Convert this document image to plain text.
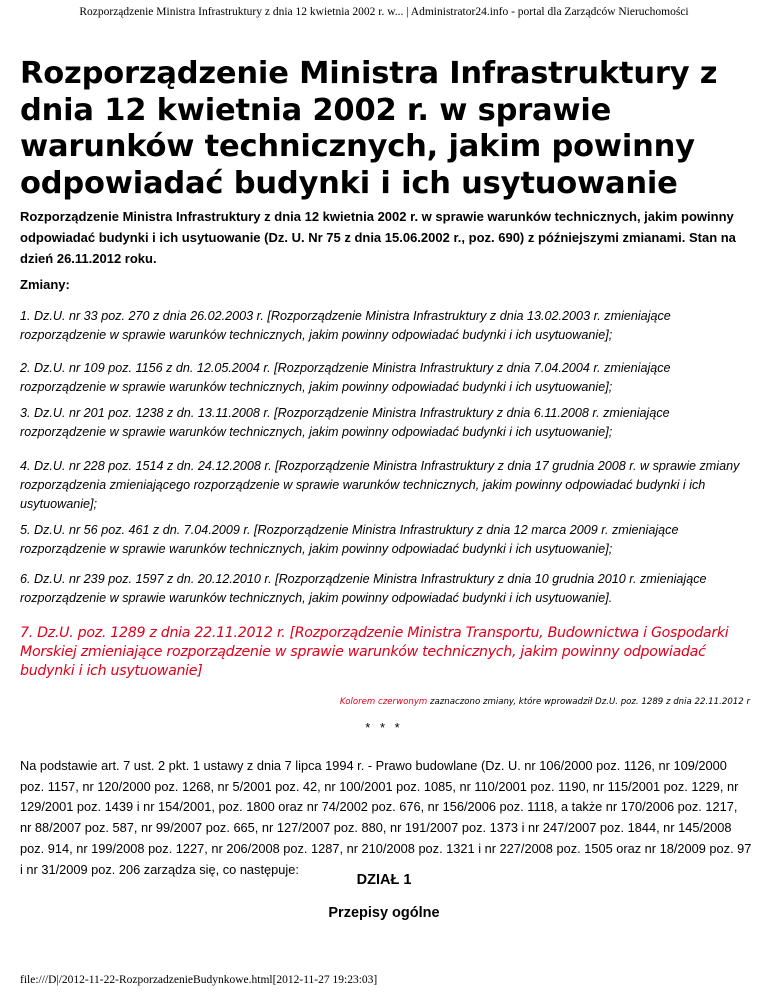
Rozporządzenie Ministra Infrastruktury z dnia 12 kwietnia 2002 r. w... | Administrator24.info - portal dla Zarządców Nieruchomości
Rozporządzenie Ministra Infrastruktury z dnia 12 kwietnia 2002 r. w sprawie warunków technicznych, jakim powinny odpowiadać budynki i ich usytuowanie

Rozporządzenie Ministra Infrastruktury z dnia 12 kwietnia 2002 r. w sprawie warunków technicznych, jakim powinny odpowiadać budynki i ich usytuowanie (Dz. U. Nr 75 z dnia 15.06.2002 r., poz. 690) z późniejszymi zmianami. Stan na dzień 26.11.2012 roku.

Zmiany:

1. Dz.U. nr 33 poz. 270 z dnia 26.02.2003 r. [Rozporządzenie Ministra Infrastruktury z dnia 13.02.2003 r. zmieniające rozporządzenie w sprawie warunków technicznych, jakim powinny odpowiadać budynki i ich usytuowanie];

2. Dz.U. nr 109 poz. 1156 z dn. 12.05.2004 r. [Rozporządzenie Ministra Infrastruktury z dnia 7.04.2004 r. zmieniające rozporządzenie w sprawie warunków technicznych, jakim powinny odpowiadać budynki i ich usytuowanie];

3. Dz.U. nr 201 poz. 1238 z dn. 13.11.2008 r. [Rozporządzenie Ministra Infrastruktury z dnia 6.11.2008 r. zmieniające rozporządzenie w sprawie warunków technicznych, jakim powinny odpowiadać budynki i ich usytuowanie];

4. Dz.U. nr 228 poz. 1514 z dn. 24.12.2008 r. [Rozporządzenie Ministra Infrastruktury z dnia 17 grudnia 2008 r. w sprawie zmiany rozporządzenia zmieniającego rozporządzenie w sprawie warunków technicznych, jakim powinny odpowiadać budynki i ich usytuowanie];

5. Dz.U. nr 56 poz. 461 z dn. 7.04.2009 r. [Rozporządzenie Ministra Infrastruktury z dnia 12 marca 2009 r. zmieniające rozporządzenie w sprawie warunków technicznych, jakim powinny odpowiadać budynki i ich usytuowanie];

6. Dz.U. nr 239 poz. 1597 z dn. 20.12.2010 r. [Rozporządzenie Ministra Infrastruktury z dnia 10 grudnia 2010 r. zmieniające rozporządzenie w sprawie warunków technicznych, jakim powinny odpowiadać budynki i ich usytuowanie].

7. Dz.U. poz. 1289 z dnia 22.11.2012 r. [Rozporządzenie Ministra Transportu, Budownictwa i Gospodarki Morskiej zmieniające rozporządzenie w sprawie warunków technicznych, jakim powinny odpowiadać budynki i ich usytuowanie]

Kolorem czerwonym zaznaczono zmiany, które wprowadził Dz.U. poz. 1289 z dnia 22.11.2012 r

* * *

Na podstawie art. 7 ust. 2 pkt. 1 ustawy z dnia 7 lipca 1994 r. - Prawo budowlane (Dz. U. nr 106/2000 poz. 1126, nr 109/2000 poz. 1157, nr 120/2000 poz. 1268, nr 5/2001 poz. 42, nr 100/2001 poz. 1085, nr 110/2001 poz. 1190, nr 115/2001 poz. 1229, nr 129/2001 poz. 1439 i nr 154/2001, poz. 1800 oraz nr 74/2002 poz. 676, nr 156/2006 poz. 1118, a także nr 170/2006 poz. 1217, nr 88/2007 poz. 587, nr 99/2007 poz. 665, nr 127/2007 poz. 880, nr 191/2007 poz. 1373 i nr 247/2007 poz. 1844, nr 145/2008 poz. 914, nr 199/2008 poz. 1227, nr 206/2008 poz. 1287, nr 210/2008 poz. 1321 i nr 227/2008 poz. 1505 oraz nr 18/2009 poz. 97 i nr 31/2009 poz. 206 zarządza się, co następuje:

DZIAŁ 1

Przepisy ogólne

file:///D|/2012-11-22-RozporzadzenieBudynkowe.html[2012-11-27 19:23:03]
